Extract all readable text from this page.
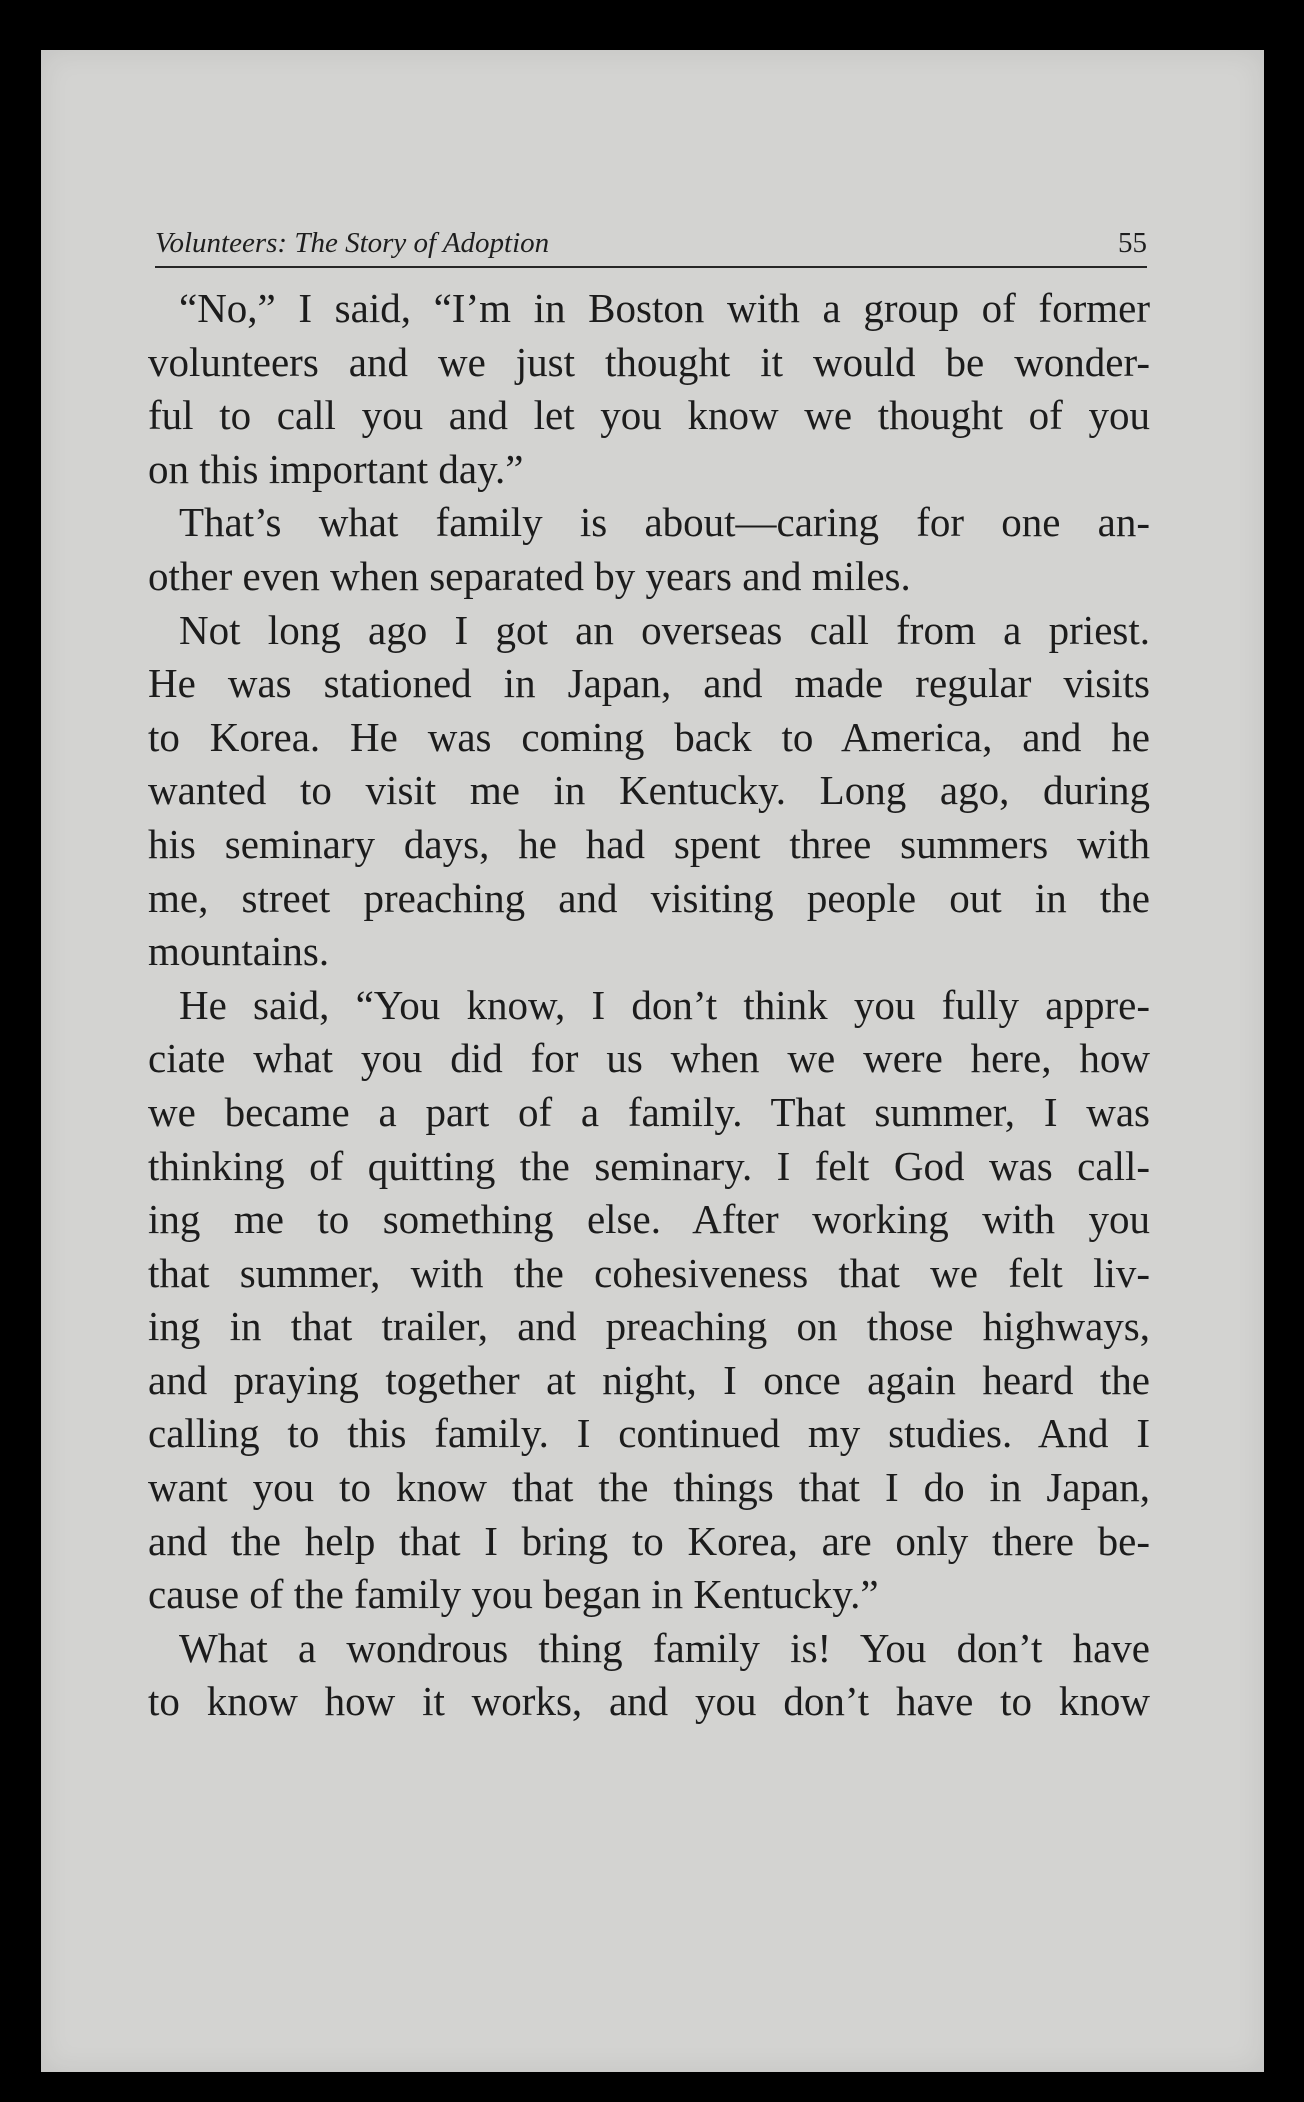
Volunteers: The Story of Adoption	55
“No,” I said, “I’m in Boston with a group of former
volunteers and we just thought it would be wonder-
ful to call you and let you know we thought of you
on this important day.”
That’s what family is about—caring for one an-
other even when separated by years and miles.
Not long ago I got an overseas call from a priest.
He was stationed in Japan, and made regular visits
to Korea. He was coming back to America, and he
wanted to visit me in Kentucky. Long ago, during
his seminary days, he had spent three summers with
me, street preaching and visiting people out in the
mountains.
He said, “You know, I don’t think you fully appre-
ciate what you did for us when we were here, how
we became a part of a family. That summer, I was
thinking of quitting the seminary. I felt God was call-
ing me to something else. After working with you
that summer, with the cohesiveness that we felt liv-
ing in that trailer, and preaching on those highways,
and praying together at night, I once again heard the
calling to this family. I continued my studies. And I
want you to know that the things that I do in Japan,
and the help that I bring to Korea, are only there be-
cause of the family you began in Kentucky.”
What a wondrous thing family is! You don’t have
to know how it works, and you don’t have to know
